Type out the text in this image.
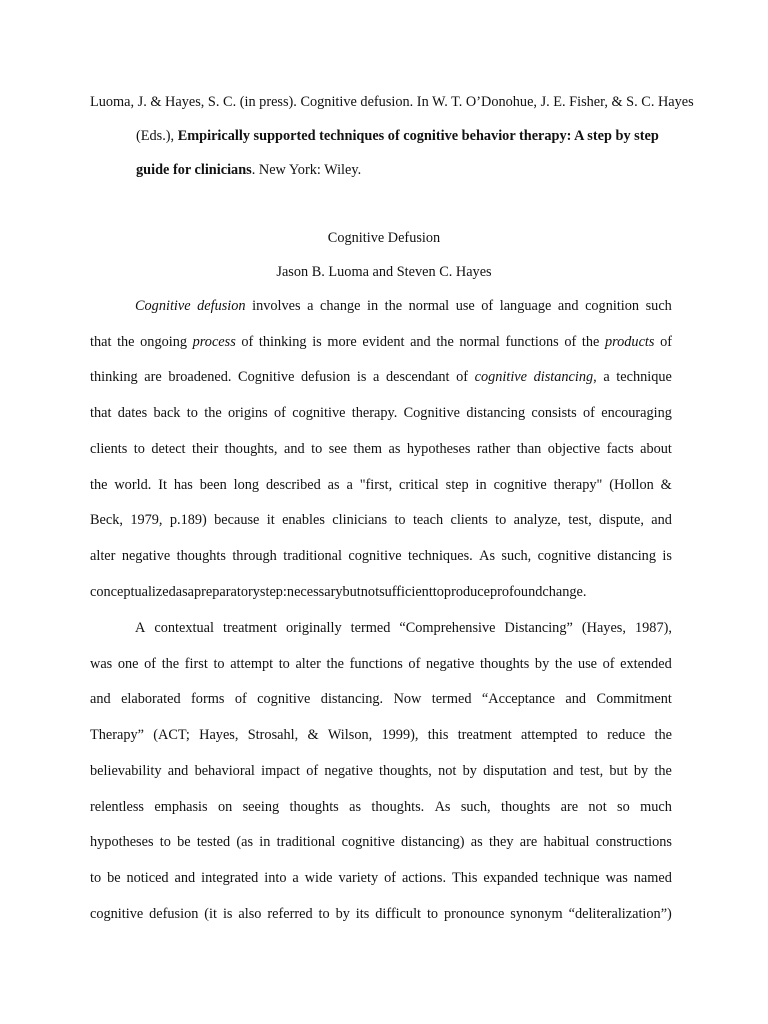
Luoma, J. & Hayes, S. C. (in press). Cognitive defusion. In W. T. O’Donohue, J. E. Fisher, & S. C. Hayes
(Eds.), Empirically supported techniques of cognitive behavior therapy: A step by step
guide for clinicians. New York: Wiley.
Cognitive Defusion
Jason B. Luoma and Steven C. Hayes
Cognitive defusion involves a change in the normal use of language and cognition such
that the ongoing process of thinking is more evident and the normal functions of the products of
thinking are broadened. Cognitive defusion is a descendant of cognitive distancing, a technique
that dates back to the origins of cognitive therapy. Cognitive distancing consists of encouraging
clients to detect their thoughts, and to see them as hypotheses rather than objective facts about
the world. It has been long described as a "first, critical step in cognitive therapy" (Hollon &
Beck, 1979, p.189) because it enables clinicians to teach clients to analyze, test, dispute, and
alter negative thoughts through traditional cognitive techniques. As such, cognitive distancing is
conceptualized as a preparatory step: necessary but not sufficient to produce profound change.
A contextual treatment originally termed “Comprehensive Distancing” (Hayes, 1987),
was one of the first to attempt to alter the functions of negative thoughts by the use of extended
and elaborated forms of cognitive distancing. Now termed “Acceptance and Commitment
Therapy” (ACT; Hayes, Strosahl, & Wilson, 1999), this treatment attempted to reduce the
believability and behavioral impact of negative thoughts, not by disputation and test, but by the
relentless emphasis on seeing thoughts as thoughts. As such, thoughts are not so much
hypotheses to be tested (as in traditional cognitive distancing) as they are habitual constructions
to be noticed and integrated into a wide variety of actions. This expanded technique was named
cognitive defusion (it is also referred to by its difficult to pronounce synonym “deliteralization”)
